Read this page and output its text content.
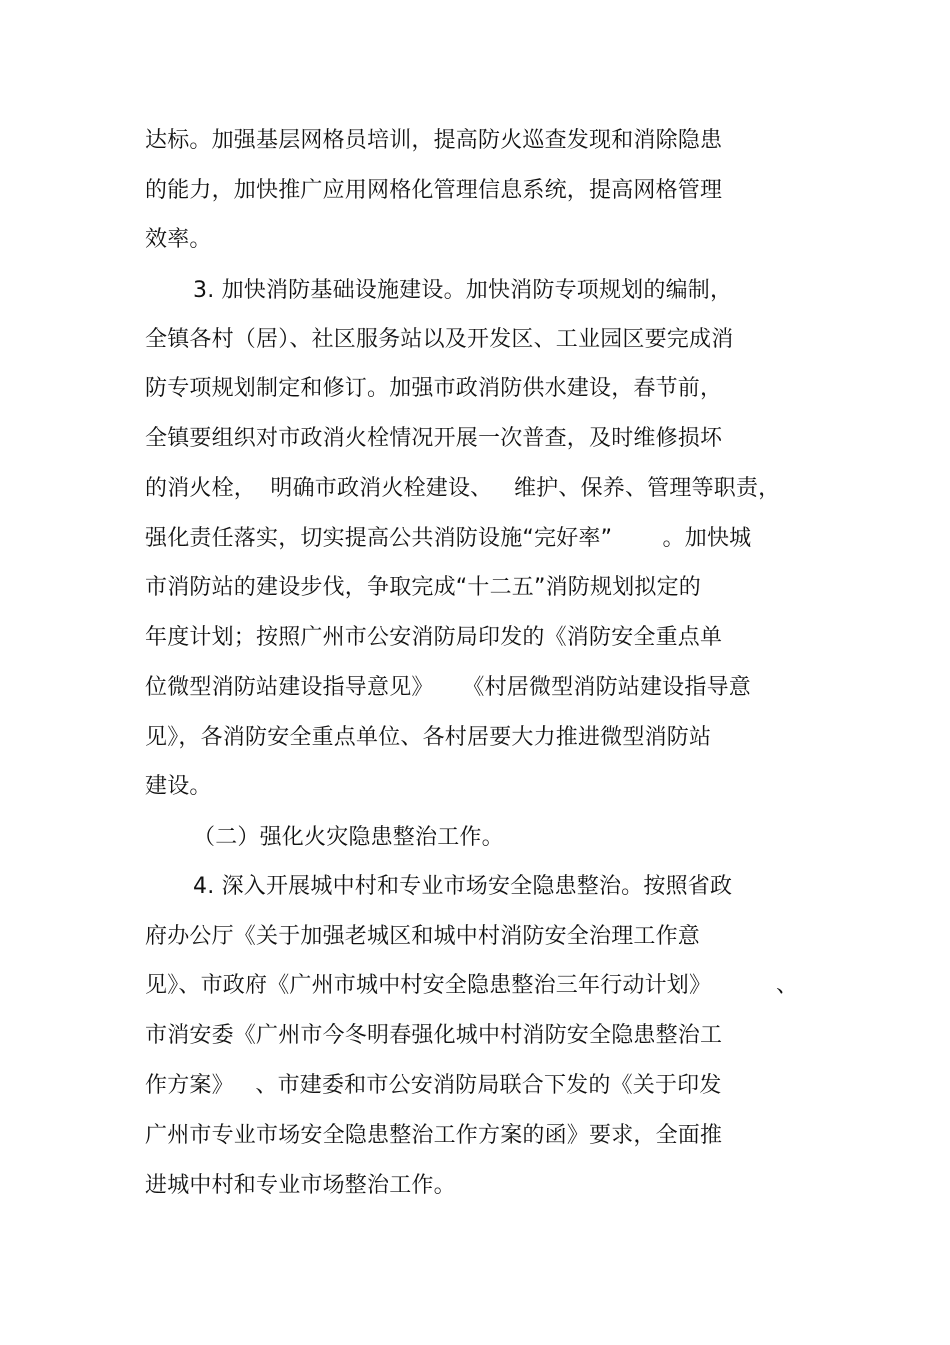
达标。加强基层网格员培训，提高防火巡查发现和消除隐患
的能力，加快推广应用网格化管理信息系统，提高网格管理
效率。
3. 加快消防基础设施建设。加快消防专项规划的编制，
全镇各村（居）、社区服务站以及开发区、工业园区要完成消
防专项规划制定和修订。加强市政消防供水建设，春节前，
全镇要组织对市政消火栓情况开展一次普查，及时维修损坏
的消火栓，  明确市政消火栓建设、   维护、保养、管理等职责，
强化责任落实，切实提高公共消防设施“完好率”       。加快城
市消防站的建设步伐，争取完成“十二五”消防规划拟定的
年度计划；按照广州市公安消防局印发的《消防安全重点单
位微型消防站建设指导意见》    《村居微型消防站建设指导意
见》，各消防安全重点单位、各村居要大力推进微型消防站
建设。
（二）强化火灾隐患整治工作。
4. 深入开展城中村和专业市场安全隐患整治。按照省政
府办公厅《关于加强老城区和城中村消防安全治理工作意
见》、市政府《广州市城中村安全隐患整治三年行动计划》         、
市消安委《广州市今冬明春强化城中村消防安全隐患整治工
作方案》   、市建委和市公安消防局联合下发的《关于印发
广州市专业市场安全隐患整治工作方案的函》要求，全面推
进城中村和专业市场整治工作。
